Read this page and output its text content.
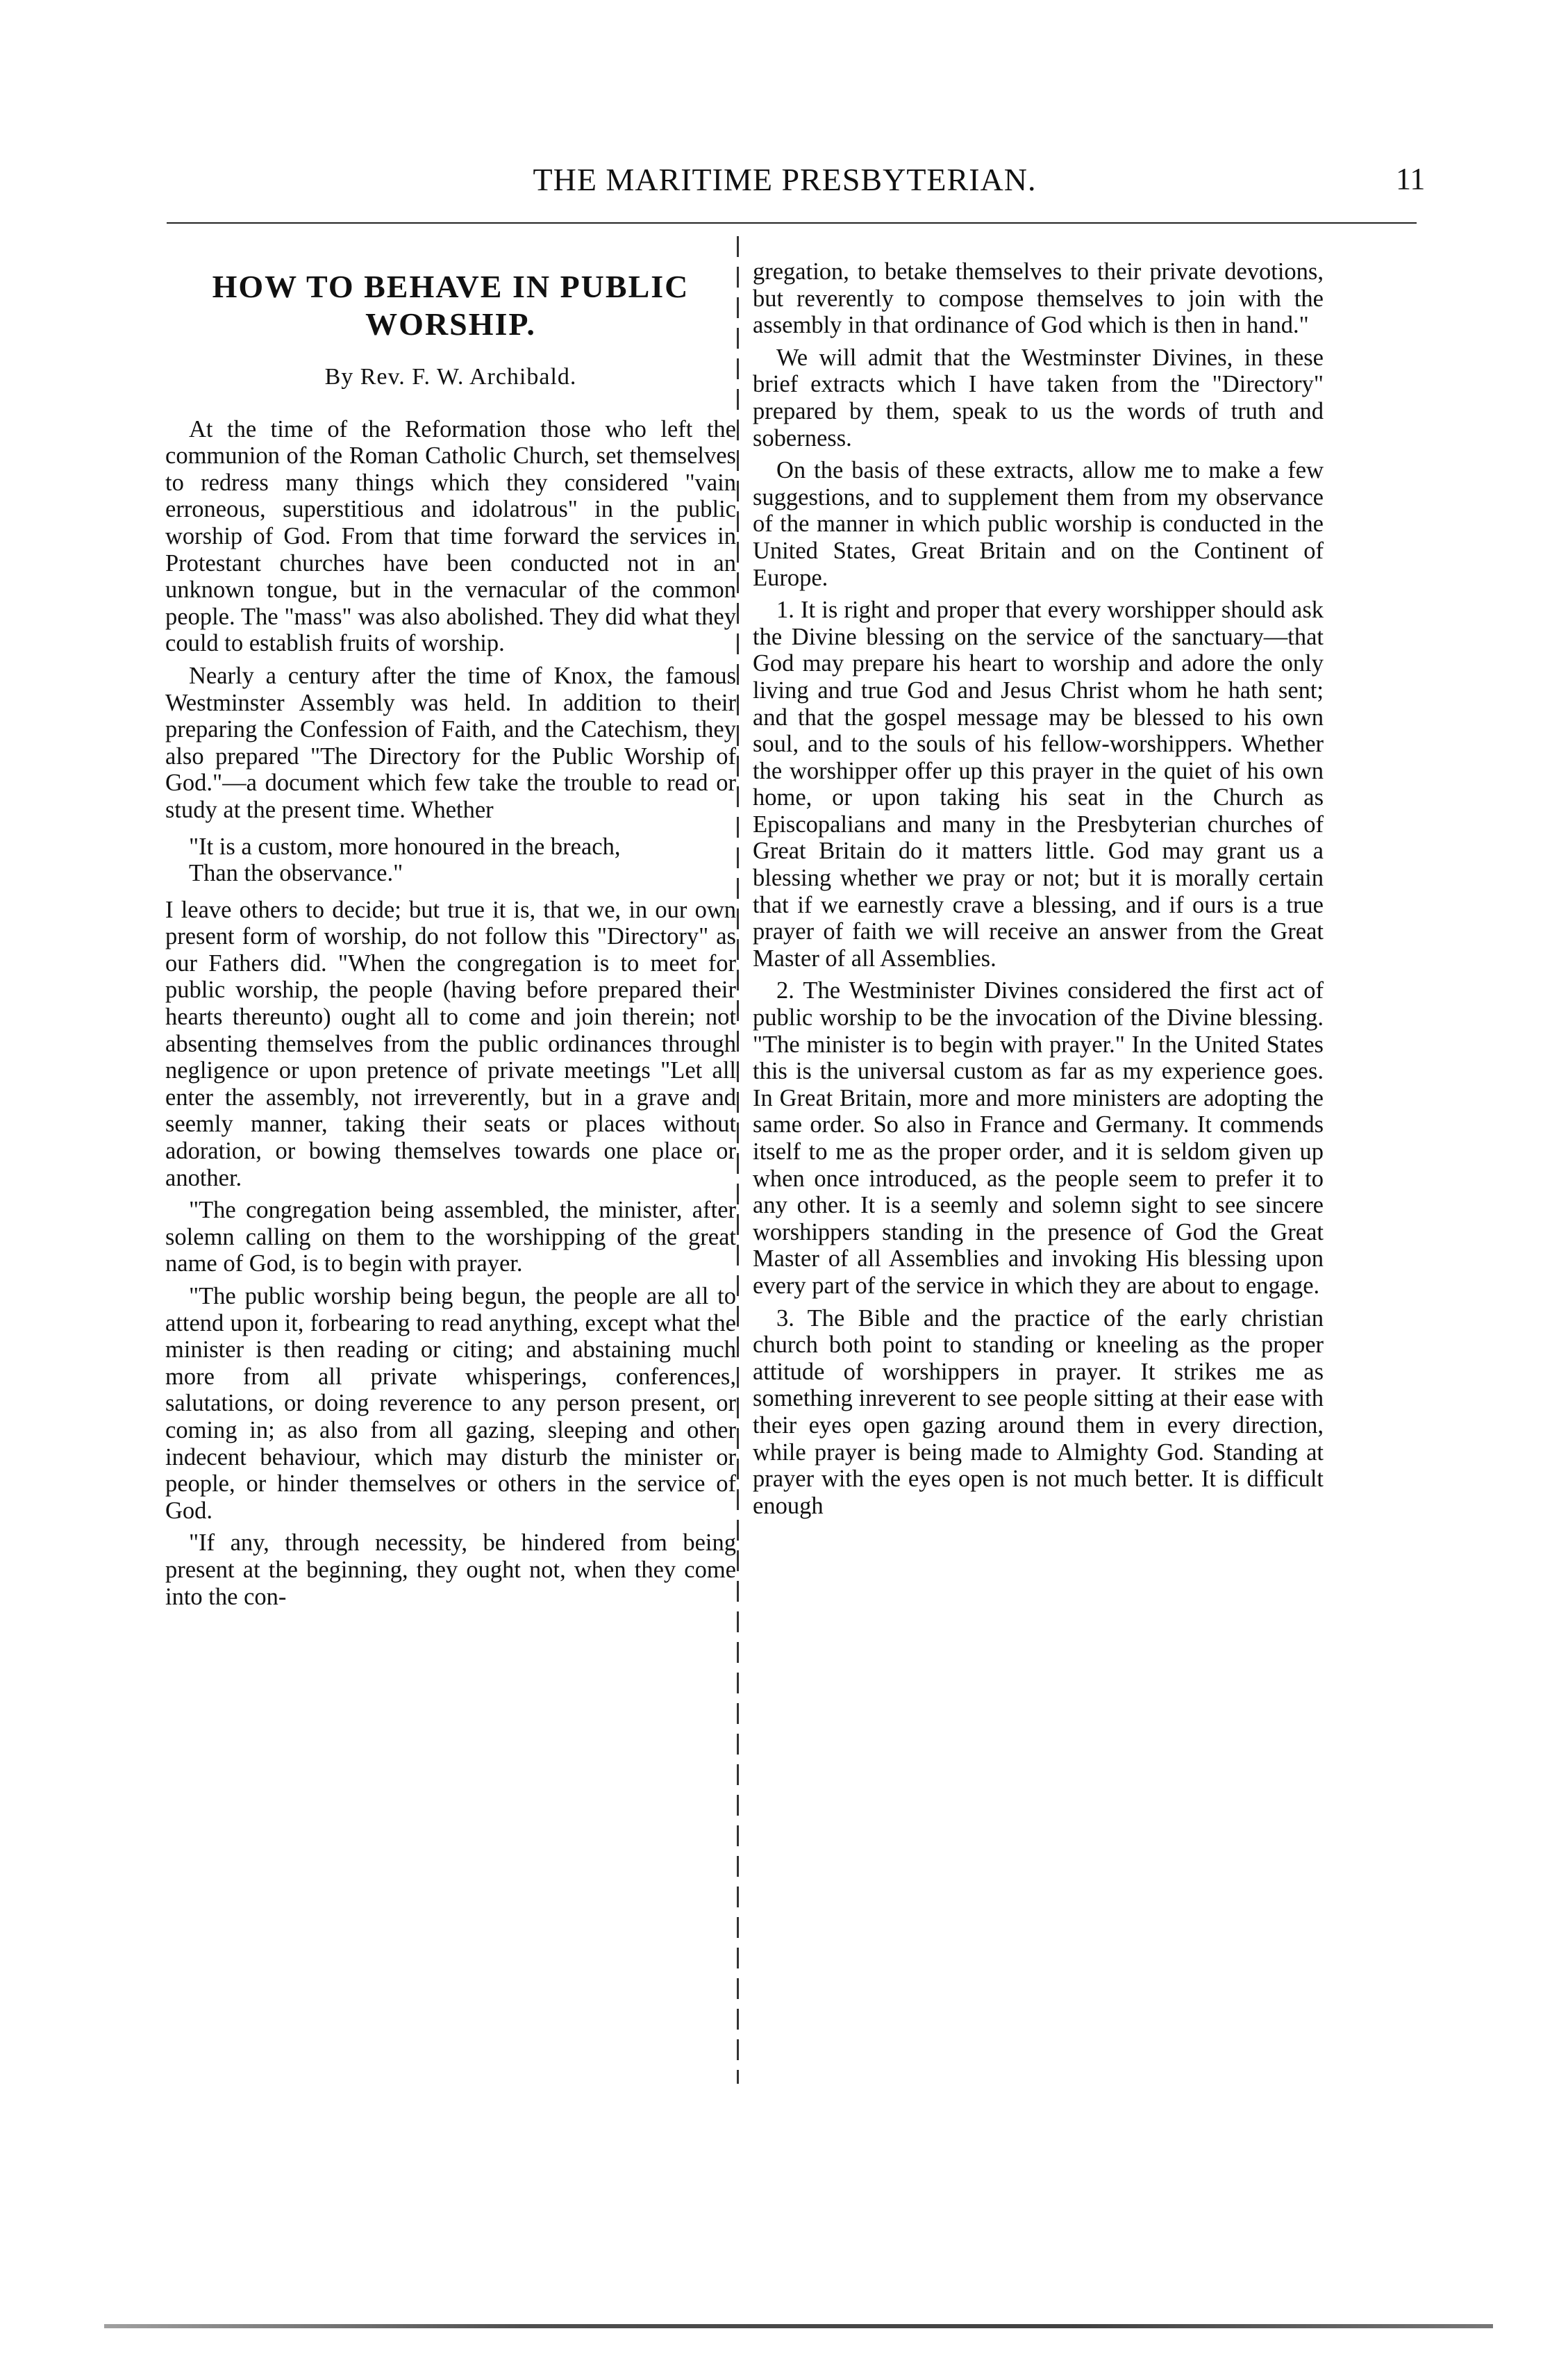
THE MARITIME PRESBYTERIAN.	11
HOW TO BEHAVE IN PUBLIC WORSHIP.
By Rev. F. W. Archibald.

At the time of the Reformation those who left the communion of the Roman Catholic Church, set themselves to redress many things which they considered "vain erroneous, superstitious and idolatrous" in the public worship of God. From that time forward the services in Protestant churches have been conducted not in an unknown tongue, but in the vernacular of the common people. The "mass" was also abolished. They did what they could to establish fruits of worship.

Nearly a century after the time of Knox, the famous Westminster Assembly was held. In addition to their preparing the Confession of Faith, and the Catechism, they also prepared "The Directory for the Public Worship of God."—a document which few take the trouble to read or study at the present time. Whether

"It is a custom, more honoured in the breach,
Than the observance."

I leave others to decide; but true it is, that we, in our own present form of worship, do not follow this "Directory" as our Fathers did. "When the congregation is to meet for public worship, the people (having before prepared their hearts thereunto) ought all to come and join therein; not absenting themselves from the public ordinances through negligence or upon pretence of private meetings "Let all enter the assembly, not irreverently, but in a grave and seemly manner, taking their seats or places without adoration, or bowing themselves towards one place or another.

"The congregation being assembled, the minister, after solemn calling on them to the worshipping of the great name of God, is to begin with prayer.

"The public worship being begun, the people are all to attend upon it, forbearing to read anything, except what the minister is then reading or citing; and abstaining much more from all private whisperings, conferences, salutations, or doing reverence to any person present, or coming in; as also from all gazing, sleeping and other indecent behaviour, which may disturb the minister or people, or hinder themselves or others in the service of God.

"If any, through necessity, be hindered from being present at the beginning, they ought not, when they come into the con-

gregation, to betake themselves to their private devotions, but reverently to compose themselves to join with the assembly in that ordinance of God which is then in hand."

We will admit that the Westminster Divines, in these brief extracts which I have taken from the "Directory" prepared by them, speak to us the words of truth and soberness.

On the basis of these extracts, allow me to make a few suggestions, and to supplement them from my observance of the manner in which public worship is conducted in the United States, Great Britain and on the Continent of Europe.

1. It is right and proper that every worshipper should ask the Divine blessing on the service of the sanctuary—that God may prepare his heart to worship and adore the only living and true God and Jesus Christ whom he hath sent; and that the gospel message may be blessed to his own soul, and to the souls of his fellow-worshippers. Whether the worshipper offer up this prayer in the quiet of his own home, or upon taking his seat in the Church as Episcopalians and many in the Presbyterian churches of Great Britain do it matters little. God may grant us a blessing whether we pray or not; but it is morally certain that if we earnestly crave a blessing, and if ours is a true prayer of faith we will receive an answer from the Great Master of all Assemblies.

2. The Westminister Divines considered the first act of public worship to be the invocation of the Divine blessing. "The minister is to begin with prayer." In the United States this is the universal custom as far as my experience goes. In Great Britain, more and more ministers are adopting the same order. So also in France and Germany. It commends itself to me as the proper order, and it is seldom given up when once introduced, as the people seem to prefer it to any other. It is a seemly and solemn sight to see sincere worshippers standing in the presence of God the Great Master of all Assemblies and invoking His blessing upon every part of the service in which they are about to engage.

3. The Bible and the practice of the early christian church both point to standing or kneeling as the proper attitude of worshippers in prayer. It strikes me as something inreverent to see people sitting at their ease with their eyes open gazing around them in every direction, while prayer is being made to Almighty God. Standing at prayer with the eyes open is not much better. It is difficult enough
